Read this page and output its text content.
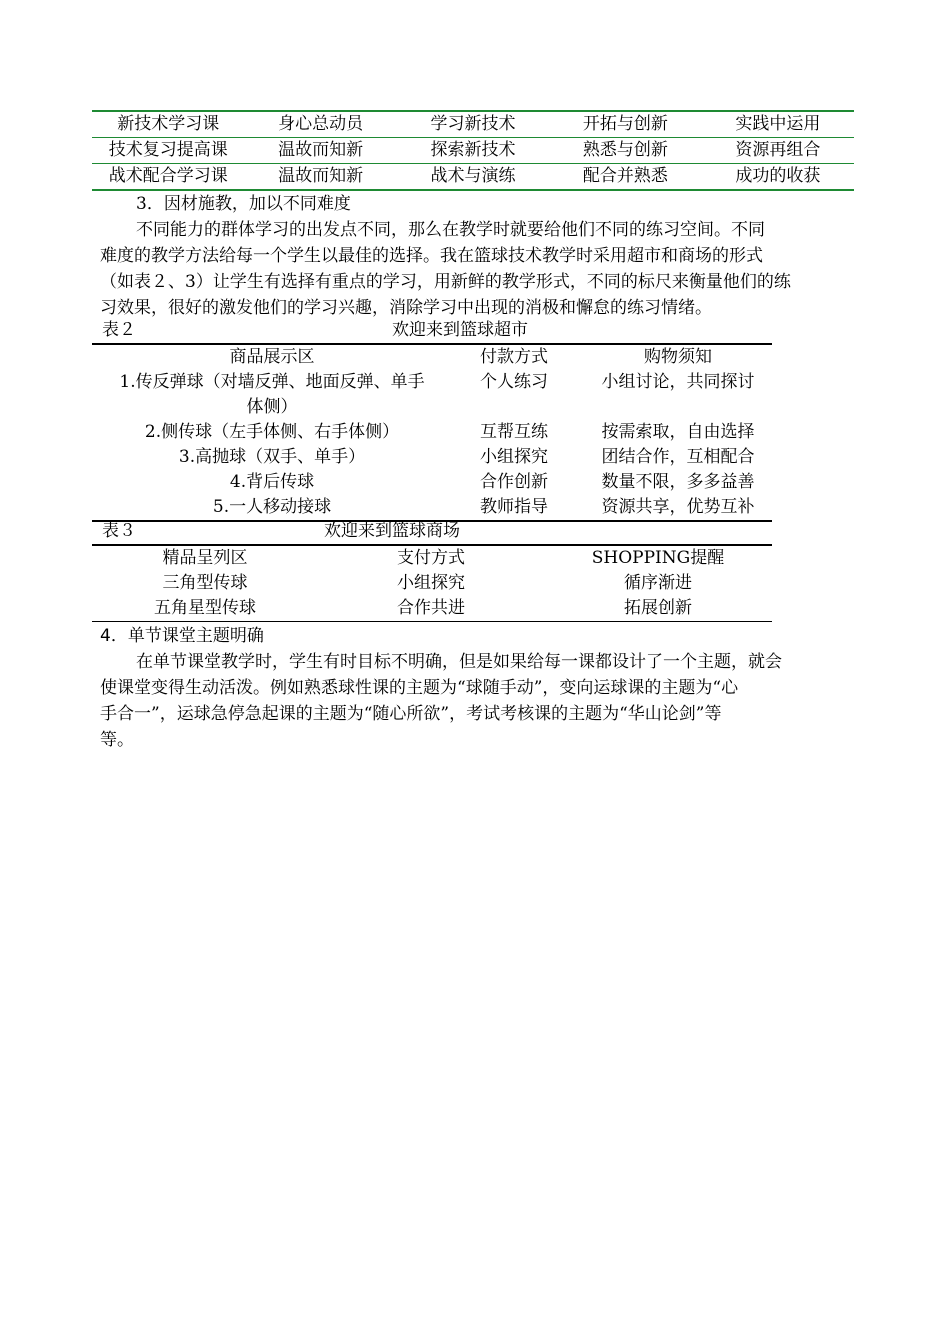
新技术学习课	身心总动员	学习新技术	开拓与创新	实践中运用
技术复习提高课	温故而知新	探索新技术	熟悉与创新	资源再组合
战术配合学习课	温故而知新	战术与演练	配合并熟悉	成功的收获
3．因材施教，加以不同难度
不同能力的群体学习的出发点不同，那么在教学时就要给他们不同的练习空间。不同
难度的教学方法给每一个学生以最佳的选择。我在篮球技术教学时采用超市和商场的形式
（如表２、3）让学生有选择有重点的学习，用新鲜的教学形式，不同的标尺来衡量他们的练
习效果，很好的激发他们的学习兴趣，消除学习中出现的消极和懈怠的练习情绪。
表２	欢迎来到篮球超市
商品展示区	付款方式	购物须知
1.传反弹球（对墙反弹、地面反弹、单手
体侧）
个人练习	小组讨论，共同探讨
2.侧传球（左手体侧、右手体侧）	互帮互练	按需索取，自由选择
3.高抛球（双手、单手）	小组探究	团结合作，互相配合
4.背后传球	合作创新	数量不限，多多益善
5.一人移动接球	教师指导	资源共享，优势互补
表３	欢迎来到篮球商场
精品呈列区	支付方式	SHOPPING提醒
三角型传球	小组探究	循序渐进
五角星型传球	合作共进	拓展创新
4．单节课堂主题明确
在单节课堂教学时，学生有时目标不明确，但是如果给每一课都设计了一个主题，就会
使课堂变得生动活泼。例如熟悉球性课的主题为“球随手动”，变向运球课的主题为“心
手合一”，运球急停急起课的主题为“随心所欲”，考试考核课的主题为“华山论剑”等
等。
